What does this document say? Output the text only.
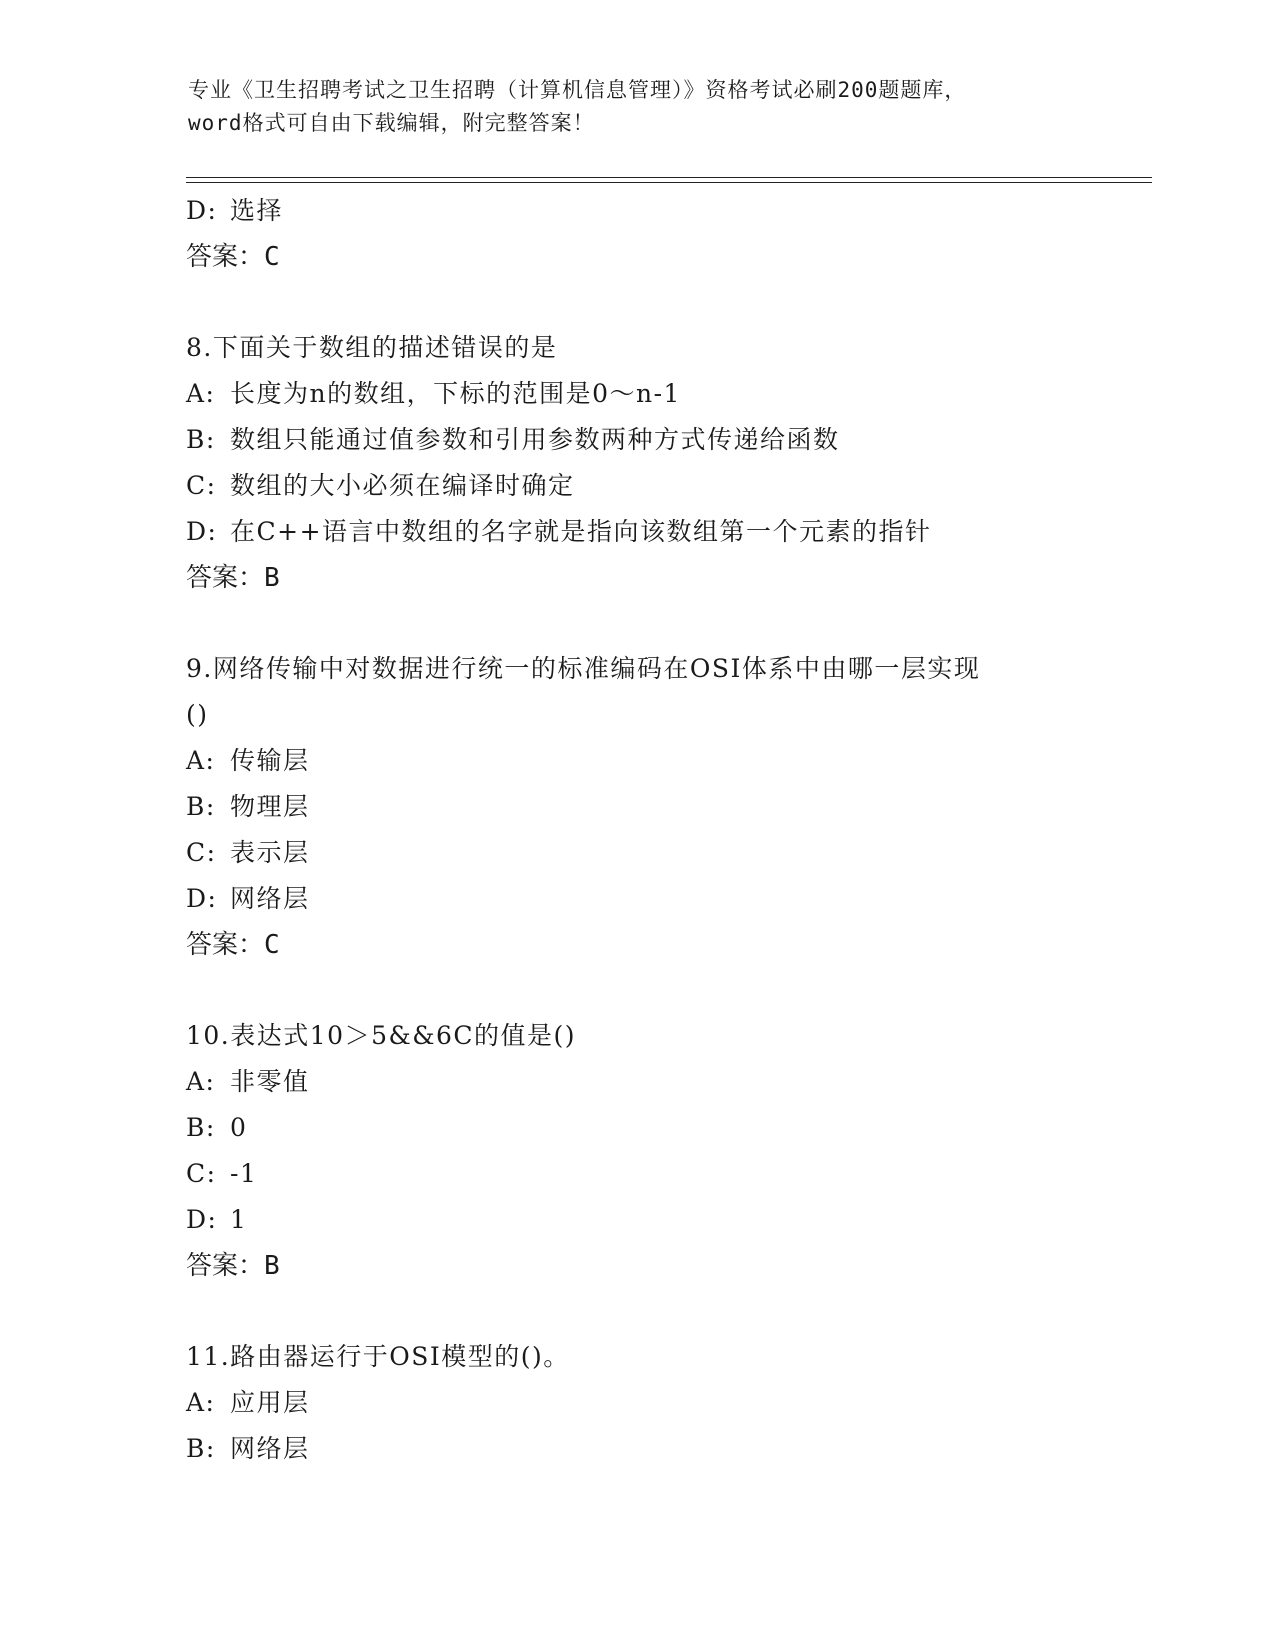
专业《卫生招聘考试之卫生招聘（计算机信息管理）》资格考试必刷200题题库，
word格式可自由下载编辑，附完整答案！
D: 选择
答案：C
8.下面关于数组的描述错误的是
A: 长度为n的数组，下标的范围是0～n-1
B: 数组只能通过值参数和引用参数两种方式传递给函数
C: 数组的大小必须在编译时确定
D: 在C++语言中数组的名字就是指向该数组第一个元素的指针
答案：B
9.网络传输中对数据进行统一的标准编码在OSI体系中由哪一层实现
()
A: 传输层
B: 物理层
C: 表示层
D: 网络层
答案：C
10.表达式10＞5&&6C的值是()
A: 非零值
B: 0
C: -1
D: 1
答案：B
11.路由器运行于OSI模型的()。
A: 应用层
B: 网络层
